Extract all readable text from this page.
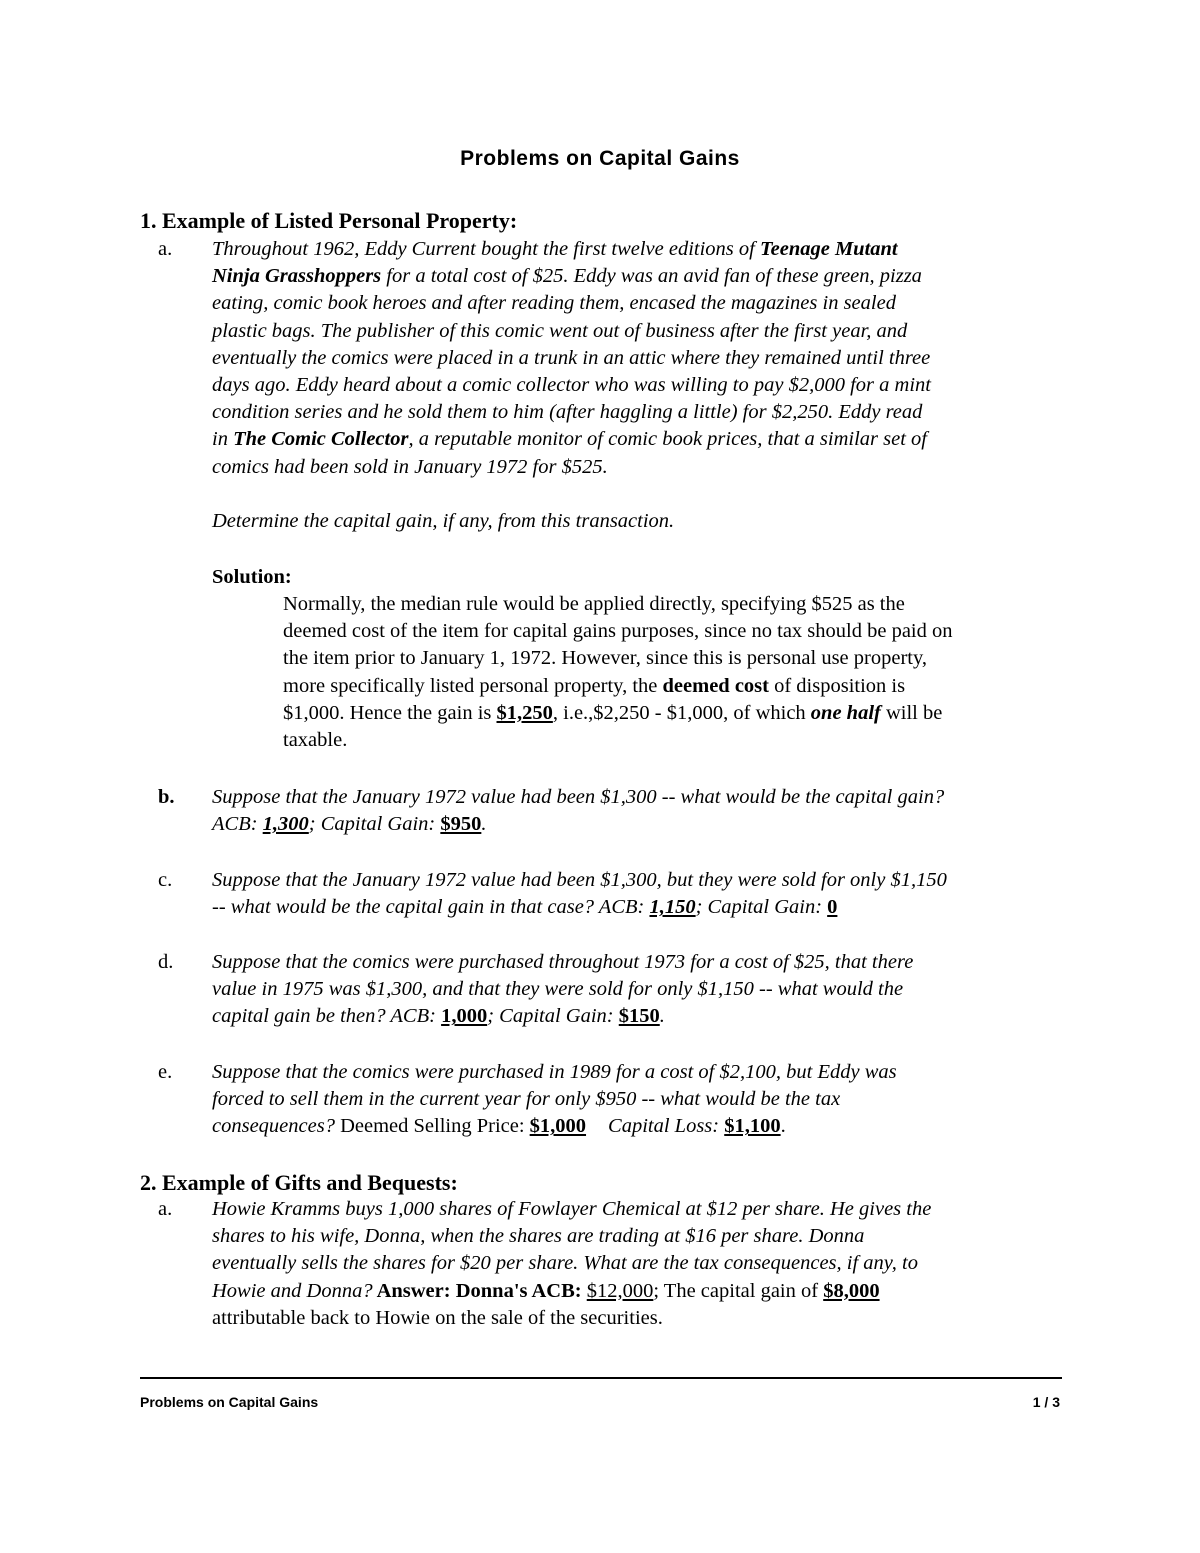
Problems on Capital Gains
1. Example of Listed Personal Property:
a. Throughout 1962, Eddy Current bought the first twelve editions of Teenage Mutant
Ninja Grasshoppers for a total cost of $25. Eddy was an avid fan of these green, pizza
eating, comic book heroes and after reading them, encased the magazines in sealed
plastic bags. The publisher of this comic went out of business after the first year, and
eventually the comics were placed in a trunk in an attic where they remained until three
days ago. Eddy heard about a comic collector who was willing to pay $2,000 for a mint
condition series and he sold them to him (after haggling a little) for $2,250. Eddy read
in The Comic Collector, a reputable monitor of comic book prices, that a similar set of
comics had been sold in January 1972 for $525.
Determine the capital gain, if any, from this transaction.
Solution:
Normally, the median rule would be applied directly, specifying $525 as the
deemed cost of the item for capital gains purposes, since no tax should be paid on
the item prior to January 1, 1972. However, since this is personal use property,
more specifically listed personal property, the deemed cost of disposition is
$1,000. Hence the gain is $1,250, i.e.,$2,250 - $1,000, of which one half will be
taxable.
b. Suppose that the January 1972 value had been $1,300 -- what would be the capital gain?
ACB: 1,300; Capital Gain: $950.
c. Suppose that the January 1972 value had been $1,300, but they were sold for only $1,150
-- what would be the capital gain in that case? ACB: 1,150; Capital Gain: 0
d. Suppose that the comics were purchased throughout 1973 for a cost of $25, that there
value in 1975 was $1,300, and that they were sold for only $1,150 -- what would the
capital gain be then? ACB: 1,000; Capital Gain: $150.
e. Suppose that the comics were purchased in 1989 for a cost of $2,100, but Eddy was
forced to sell them in the current year for only $950 -- what would be the tax
consequences? Deemed Selling Price: $1,000 Capital Loss: $1,100.
2. Example of Gifts and Bequests:
a. Howie Kramms buys 1,000 shares of Fowlayer Chemical at $12 per share. He gives the
shares to his wife, Donna, when the shares are trading at $16 per share. Donna
eventually sells the shares for $20 per share. What are the tax consequences, if any, to
Howie and Donna? Answer: Donna's ACB: $12,000; The capital gain of $8,000
attributable back to Howie on the sale of the securities.
Problems on Capital Gains	1 / 3
